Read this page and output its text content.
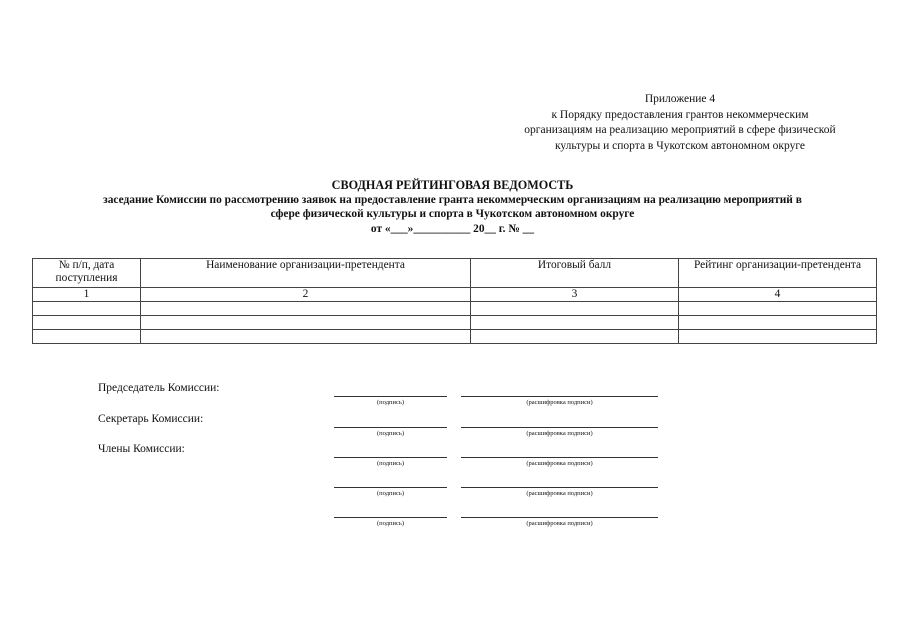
Приложение 4
к Порядку предоставления грантов некоммерческим
организациям на реализацию мероприятий в сфере физической
культуры и спорта в Чукотском автономном округе
СВОДНАЯ РЕЙТИНГОВАЯ ВЕДОМОСТЬ
заседание Комиссии по рассмотрению заявок на предоставление гранта некоммерческим организациям на реализацию мероприятий в
сфере физической культуры и спорта в Чукотском автономном округе
от «___»__________ 20__ г. № __
№ п/п, дата поступления	Наименование организации-претендента	Итоговый балл	Рейтинг организации-претендента
1	2	3	4

Председатель Комиссии:
Секретарь Комиссии:
Члены Комиссии:
(подпись)	(расшифровка подписи)
(подпись)	(расшифровка подписи)
(подпись)	(расшифровка подписи)
(подпись)	(расшифровка подписи)
(подпись)	(расшифровка подписи)
